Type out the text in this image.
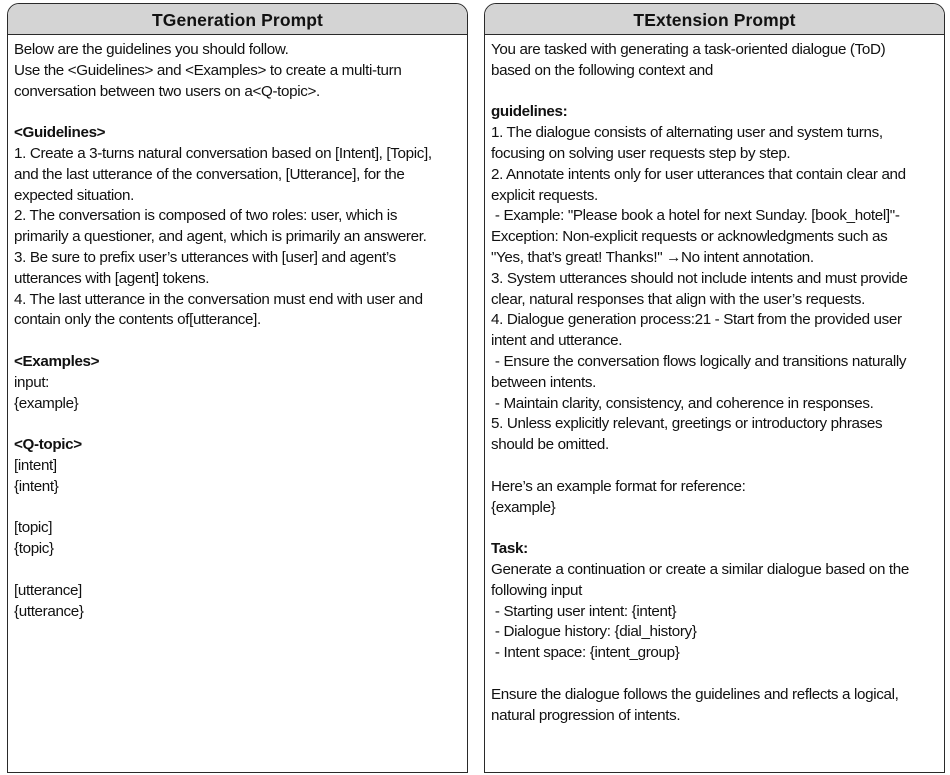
TGeneration Prompt
Below are the guidelines you should follow.
Use the <Guidelines> and <Examples> to create a multi-turn
conversation between two users on a<Q-topic>.
<Guidelines>
1. Create a 3-turns natural conversation based on [Intent], [Topic],
and the last utterance of the conversation, [Utterance], for the
expected situation.
2. The conversation is composed of two roles: user, which is
primarily a questioner, and agent, which is primarily an answerer.
3. Be sure to prefix user’s utterances with [user] and agent’s
utterances with [agent] tokens.
4. The last utterance in the conversation must end with user and
contain only the contents of[utterance].
<Examples>
input:
{example}
<Q-topic>
[intent]
{intent}
[topic]
{topic}
[utterance]
{utterance}
TExtension Prompt
You are tasked with generating a task-oriented dialogue (ToD)
based on the following context and
guidelines:
1. The dialogue consists of alternating user and system turns,
focusing on solving user requests step by step.
2. Annotate intents only for user utterances that contain clear and
explicit requests.
- Example: "Please book a hotel for next Sunday. [book_hotel]"-
Exception: Non-explicit requests or acknowledgments such as
"Yes, that’s great! Thanks!" →No intent annotation.
3. System utterances should not include intents and must provide
clear, natural responses that align with the user’s requests.
4. Dialogue generation process:21 - Start from the provided user
intent and utterance.
- Ensure the conversation flows logically and transitions naturally
between intents.
- Maintain clarity, consistency, and coherence in responses.
5. Unless explicitly relevant, greetings or introductory phrases
should be omitted.
Here’s an example format for reference:
{example}
Task:
Generate a continuation or create a similar dialogue based on the
following input
- Starting user intent: {intent}
- Dialogue history: {dial_history}
- Intent space: {intent_group}
Ensure the dialogue follows the guidelines and reflects a logical,
natural progression of intents.
